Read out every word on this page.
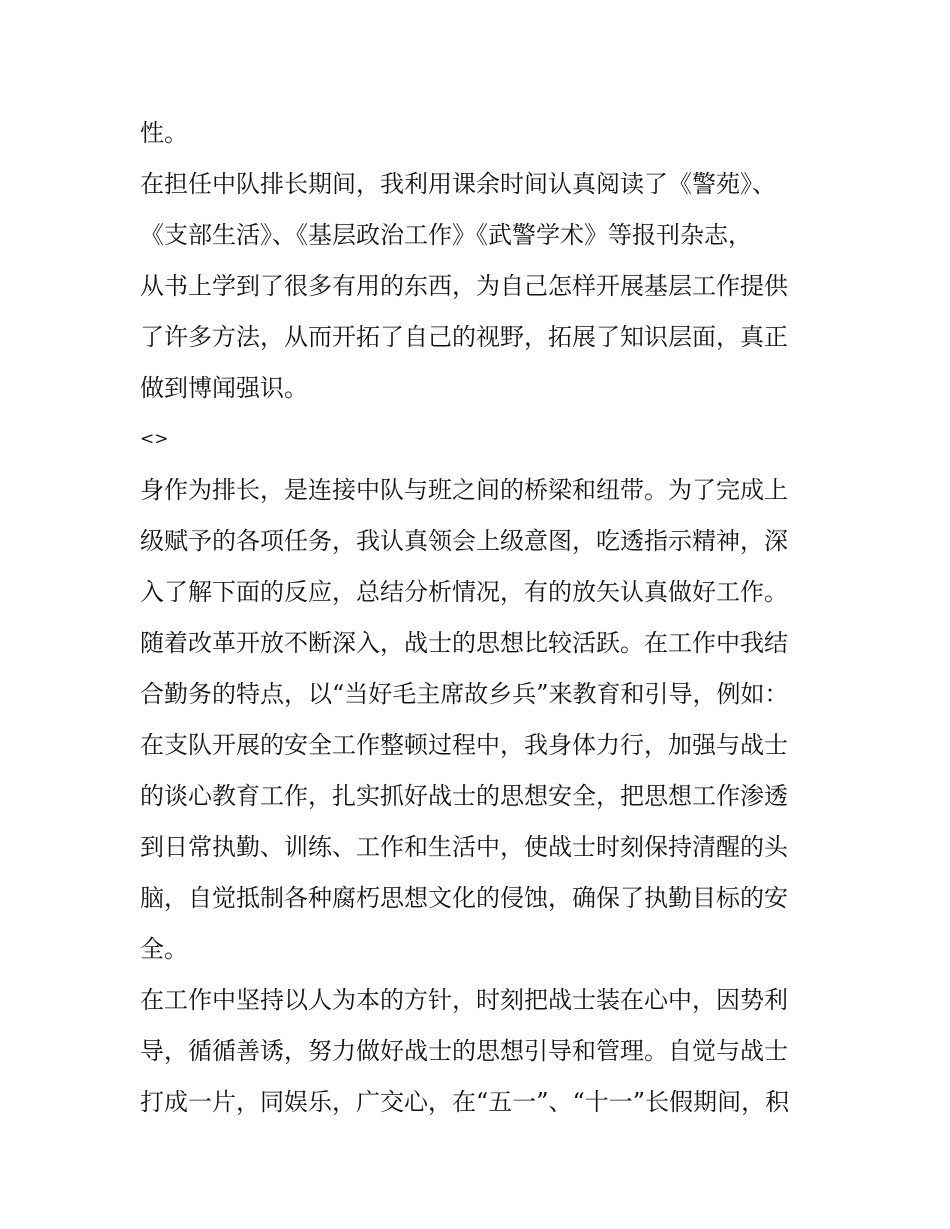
性。
在担任中队排长期间，我利用课余时间认真阅读了《警苑》、
《支部生活》、《基层政治工作》《武警学术》等报刊杂志，
从书上学到了很多有用的东西，为自己怎样开展基层工作提供
了许多方法，从而开拓了自己的视野，拓展了知识层面，真正
做到博闻强识。
<>
身作为排长，是连接中队与班之间的桥梁和纽带。为了完成上
级赋予的各项任务，我认真领会上级意图，吃透指示精神，深
入了解下面的反应，总结分析情况，有的放矢认真做好工作。
随着改革开放不断深入，战士的思想比较活跃。在工作中我结
合勤务的特点，以“当好毛主席故乡兵”来教育和引导，例如：
在支队开展的安全工作整顿过程中，我身体力行，加强与战士
的谈心教育工作，扎实抓好战士的思想安全，把思想工作渗透
到日常执勤、训练、工作和生活中，使战士时刻保持清醒的头
脑，自觉抵制各种腐朽思想文化的侵蚀，确保了执勤目标的安
全。
在工作中坚持以人为本的方针，时刻把战士装在心中，因势利
导，循循善诱，努力做好战士的思想引导和管理。自觉与战士
打成一片，同娱乐，广交心，在“五一”、“十一”长假期间，积
